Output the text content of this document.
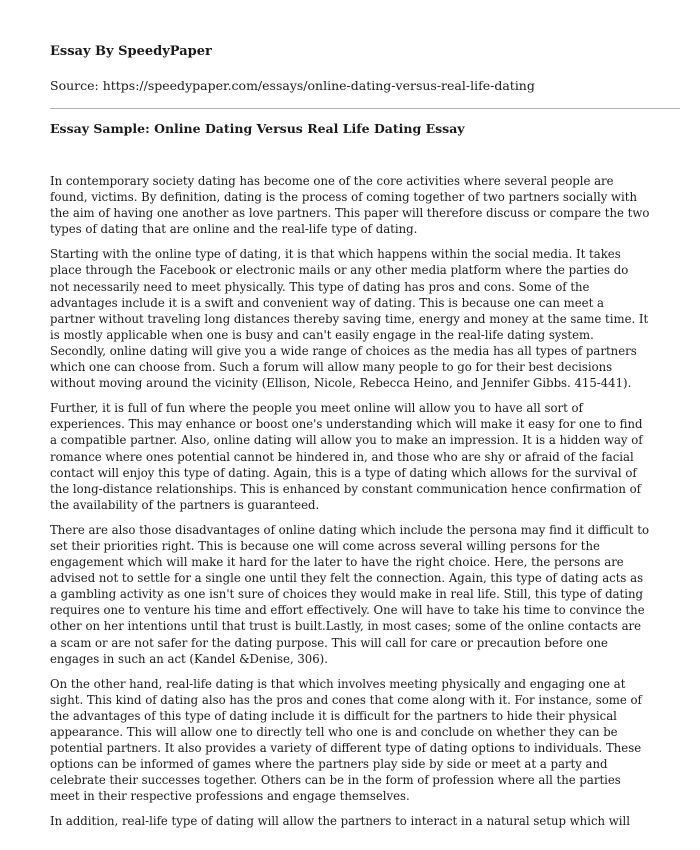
Essay By SpeedyPaper
Source: https://speedypaper.com/essays/online-dating-versus-real-life-dating
Essay Sample: Online Dating Versus Real Life Dating Essay

In contemporary society dating has become one of the core activities where several people are found, victims. By definition, dating is the process of coming together of two partners socially with the aim of having one another as love partners. This paper will therefore discuss or compare the two types of dating that are online and the real-life type of dating.

Starting with the online type of dating, it is that which happens within the social media. It takes place through the Facebook or electronic mails or any other media platform where the parties do not necessarily need to meet physically. This type of dating has pros and cons. Some of the advantages include it is a swift and convenient way of dating. This is because one can meet a partner without traveling long distances thereby saving time, energy and money at the same time. It is mostly applicable when one is busy and can't easily engage in the real-life dating system. Secondly, online dating will give you a wide range of choices as the media has all types of partners which one can choose from. Such a forum will allow many people to go for their best decisions without moving around the vicinity (Ellison, Nicole, Rebecca Heino, and Jennifer Gibbs. 415-441).

Further, it is full of fun where the people you meet online will allow you to have all sort of experiences. This may enhance or boost one's understanding which will make it easy for one to find a compatible partner. Also, online dating will allow you to make an impression. It is a hidden way of romance where ones potential cannot be hindered in, and those who are shy or afraid of the facial contact will enjoy this type of dating. Again, this is a type of dating which allows for the survival of the long-distance relationships. This is enhanced by constant communication hence confirmation of the availability of the partners is guaranteed.

There are also those disadvantages of online dating which include the persona may find it difficult to set their priorities right. This is because one will come across several willing persons for the engagement which will make it hard for the later to have the right choice. Here, the persons are advised not to settle for a single one until they felt the connection. Again, this type of dating acts as a gambling activity as one isn't sure of choices they would make in real life. Still, this type of dating requires one to venture his time and effort effectively. One will have to take his time to convince the other on her intentions until that trust is built.Lastly, in most cases; some of the online contacts are a scam or are not safer for the dating purpose. This will call for care or precaution before one engages in such an act (Kandel &Denise, 306).

On the other hand, real-life dating is that which involves meeting physically and engaging one at sight. This kind of dating also has the pros and cones that come along with it. For instance, some of the advantages of this type of dating include it is difficult for the partners to hide their physical appearance. This will allow one to directly tell who one is and conclude on whether they can be potential partners. It also provides a variety of different type of dating options to individuals. These options can be informed of games where the partners play side by side or meet at a party and celebrate their successes together. Others can be in the form of profession where all the parties meet in their respective professions and engage themselves.

In addition, real-life type of dating will allow the partners to interact in a natural setup which will
